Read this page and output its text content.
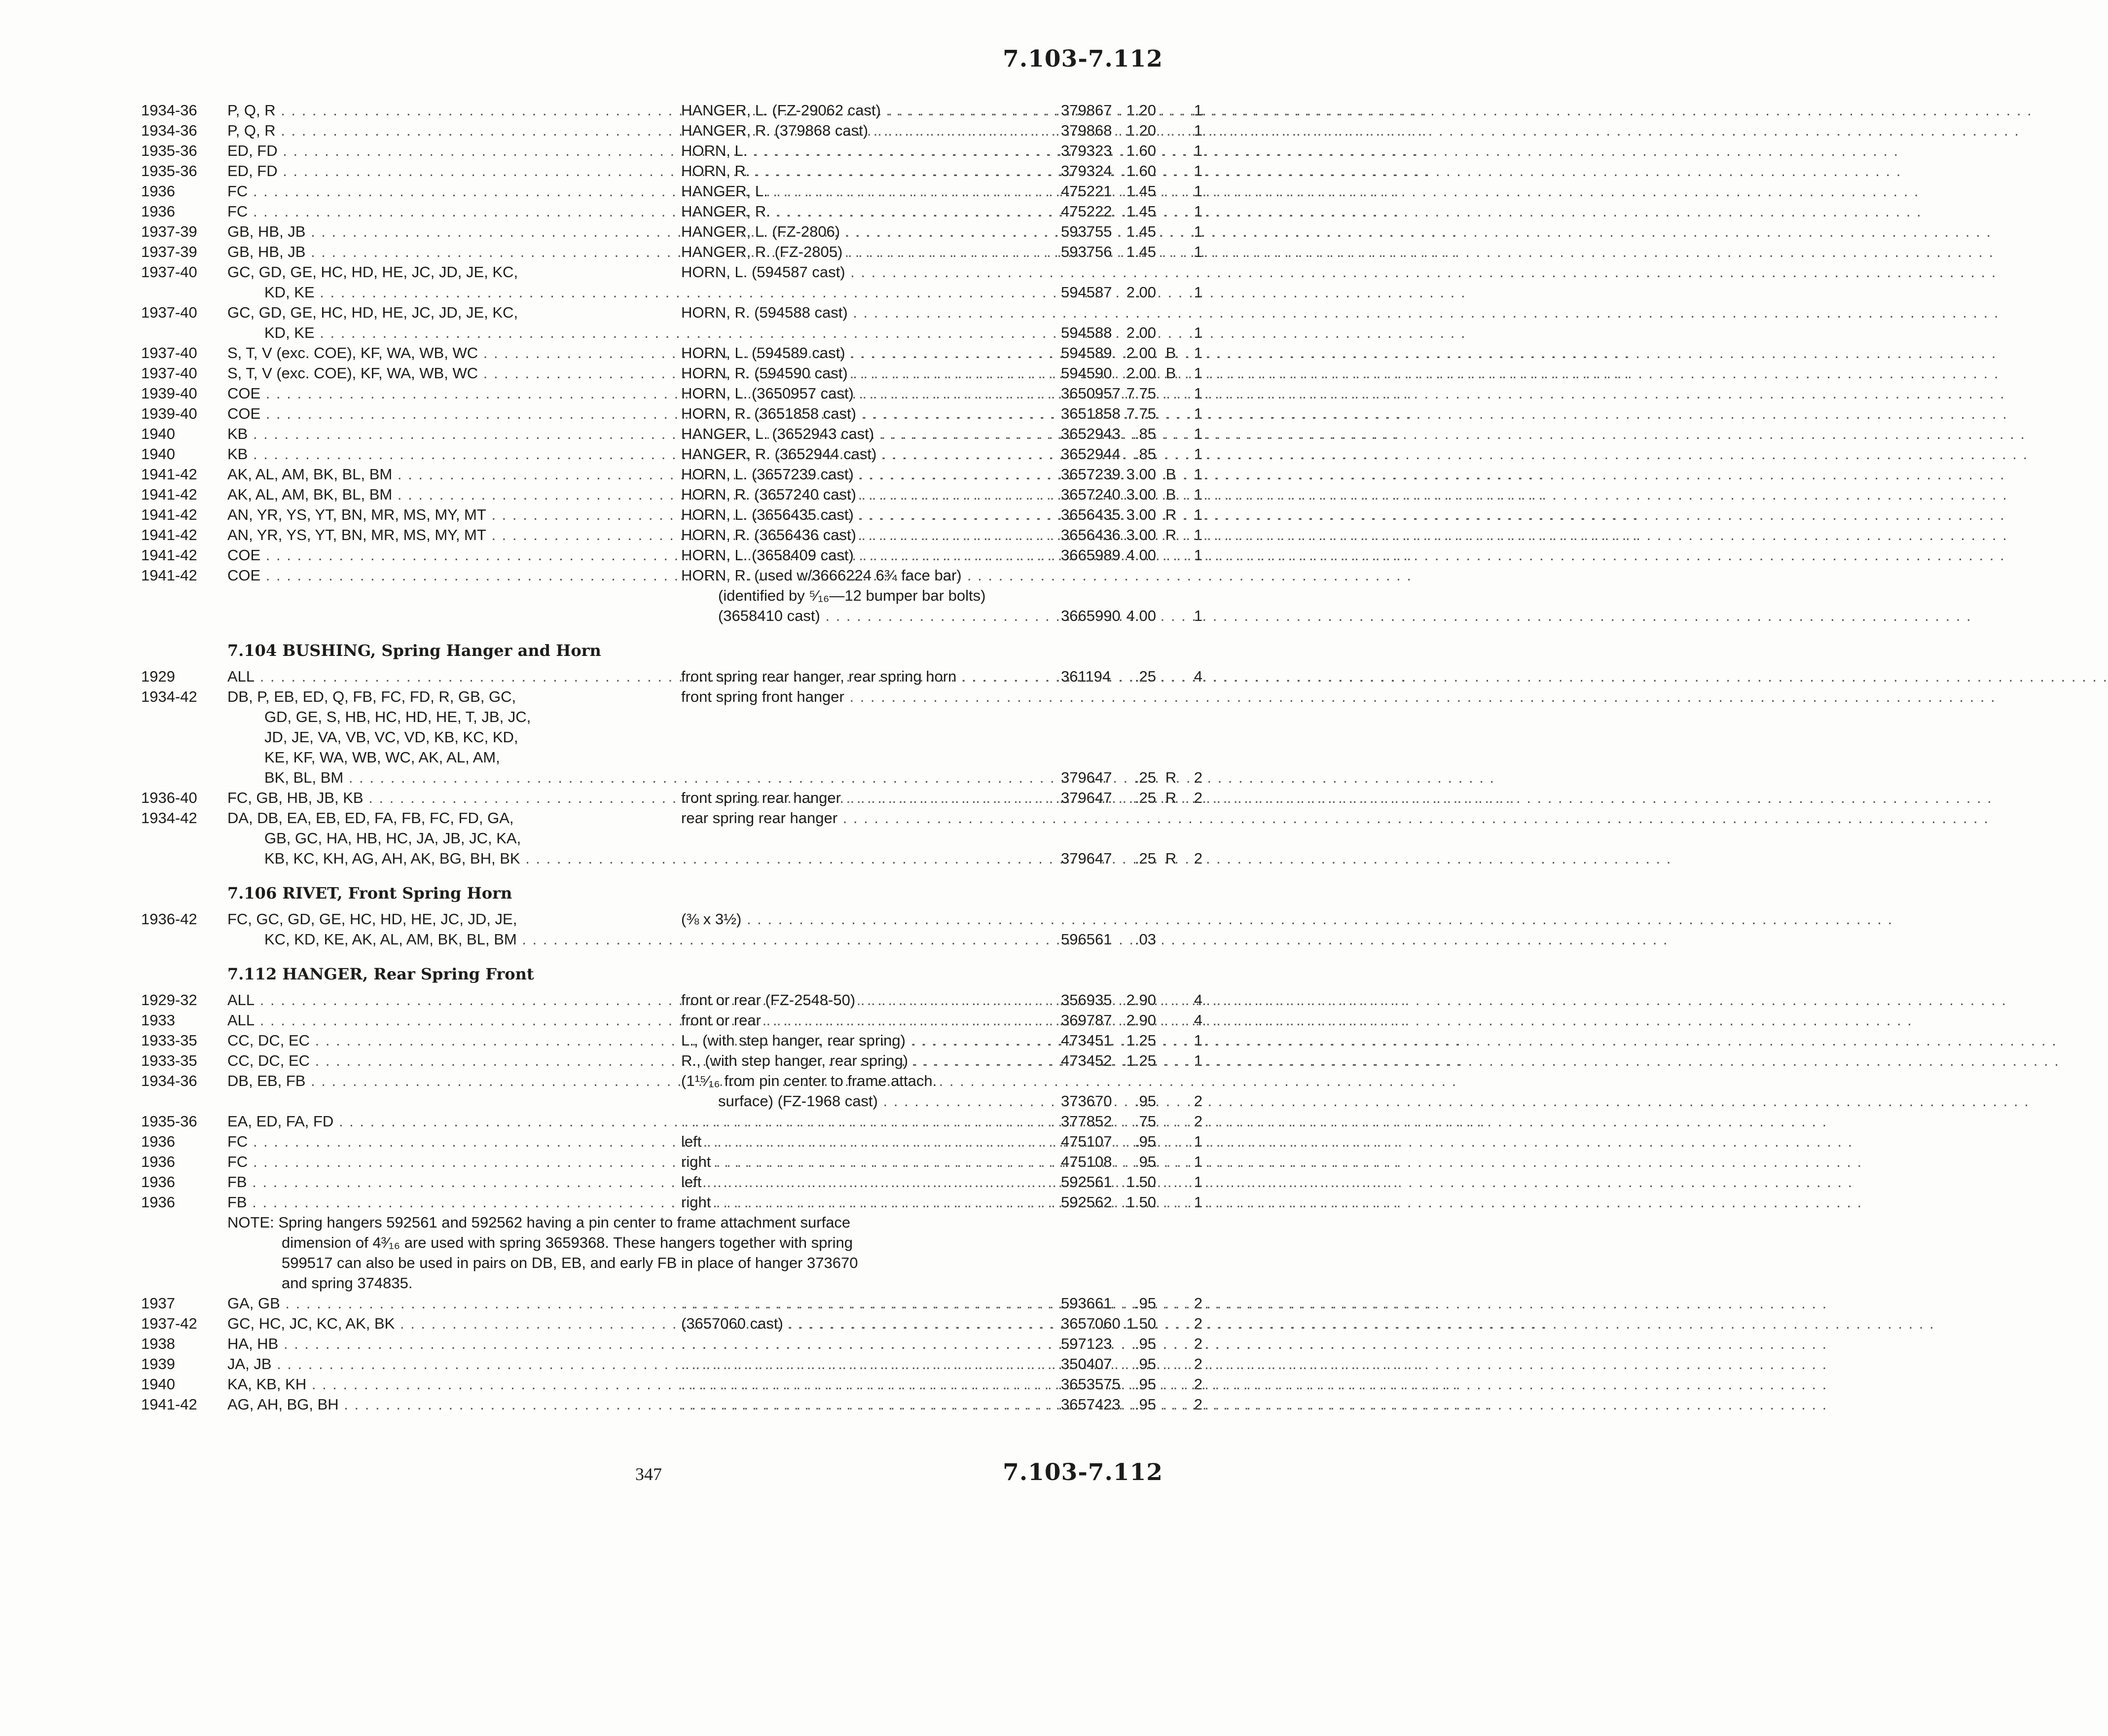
7.103-7.112
1934-36	P, Q, R . . .	HANGER, L. (FZ-29062 cast) . . .	379867 1.20	1
1934-36	P, Q, R . . .	HANGER, R. (379868 cast) . . .	379868 1.20	1
1935-36	ED, FD . . .	HORN, L. . . .	379323 1.60	1
1935-36	ED, FD . . .	HORN, R. . . .	379324 1.60	1
1936	FC . . .	HANGER, L. . . .	475221 1.45	1
1936	FC . . .	HANGER, R. . . .	475222 1.45	1
1937-39	GB, HB, JB . . .	HANGER, L. (FZ-2806) . . .	593755 1.45	1
1937-39	GB, HB, JB . . .	HANGER, R. (FZ-2805) . . .	593756 1.45	1
1937-40	GC, GD, GE, HC, HD, HE, JC, JD, JE, KC,	HORN, L. (594587 cast) . . .
KD, KE . . .	594587 2.00	1
1937-40	GC, GD, GE, HC, HD, HE, JC, JD, JE, KC,	HORN, R. (594588 cast) . . .
KD, KE . . .	594588 2.00	1
1937-40	S, T, V (exc. COE), KF, WA, WB, WC . . .	HORN, L. (594589 cast) . . .	594589 2.00 B	1
1937-40	S, T, V (exc. COE), KF, WA, WB, WC . . .	HORN, R. (594590 cast) . . .	594590 2.00 B	1
1939-40	COE . . .	HORN, L. (3650957 cast) . . .	3650957 7.75	1
1939-40	COE . . .	HORN, R. (3651858 cast) . . .	3651858 7.75	1
1940	KB . . .	HANGER, L. (3652943 cast) . . .	3652943 .85	1
1940	KB . . .	HANGER, R. (3652944 cast) . . .	3652944 .85	1
1941-42	AK, AL, AM, BK, BL, BM . . .	HORN, L. (3657239 cast) . . .	3657239 3.00 B	1
1941-42	AK, AL, AM, BK, BL, BM . . .	HORN, R. (3657240 cast) . . .	3657240 3.00 B	1
1941-42	AN, YR, YS, YT, BN, MR, MS, MY, MT . . .	HORN, L. (3656435 cast) . . .	3656435 3.00 R	1
1941-42	AN, YR, YS, YT, BN, MR, MS, MY, MT . . .	HORN, R. (3656436 cast) . . .	3656436 3.00 R	1
1941-42	COE . . .	HORN, L. (3658409 cast) . . .	3665989 4.00	1
1941-42	COE . . .	HORN, R. (used w/3666224 6¾ face bar)
(identified by ⁵⁄₁₆—12 bumper bar bolts)
(3658410 cast) . . .	3665990 4.00	1
7.104 BUSHING, Spring Hanger and Horn
1929	ALL . . .	front spring rear hanger, rear spring horn . . .	361194	.25	4
1934-42	DB, P, EB, ED, Q, FB, FC, FD, R, GB, GC,	front spring front hanger . . .
GD, GE, S, HB, HC, HD, HE, T, JB, JC,
JD, JE, VA, VB, VC, VD, KB, KC, KD,
KE, KF, WA, WB, WC, AK, AL, AM,
BK, BL, BM . . .	379647	.25 R	2
1936-40	FC, GB, HB, JB, KB . . .	front spring rear hanger . . .	379647	.25 R	2
1934-42	DA, DB, EA, EB, ED, FA, FB, FC, FD, GA,	rear spring rear hanger . . .
GB, GC, HA, HB, HC, JA, JB, JC, KA,
KB, KC, KH, AG, AH, AK, BG, BH, BK . . .	379647	.25 R	2
7.106 RIVET, Front Spring Horn
1936-42	FC, GC, GD, GE, HC, HD, HE, JC, JD, JE,	(⅜ x 3½) . . .
KC, KD, KE, AK, AL, AM, BK, BL, BM . . .	596561	.03
7.112 HANGER, Rear Spring Front
1929-32	ALL . . .	front or rear (FZ-2548-50) . . .	356935 2.90	4
1933	ALL . . .	front or rear . . .	369787 2.90	4
1933-35	CC, DC, EC . . .	L., (with step hanger, rear spring) . . .	473451 1.25	1
1933-35	CC, DC, EC . . .	R., (with step hanger, rear spring) . . .	473452 1.25	1
1934-36	DB, EB, FB . . .	(1¹⁵⁄₁₆ from pin center to frame attach.
surface) (FZ-1968 cast) . . .	373670	.95	2
1935-36	EA, ED, FA, FD . . . . . .	377852	.75	2
1936	FC . . .	left . . .	475107	.95	1
1936	FC . . .	right . . .	475108	.95	1
1936	FB . . .	left . . .	592561 1.50	1
1936	FB . . .	right . . .	592562 1.50	1
NOTE: Spring hangers 592561 and 592562 having a pin center to frame attachment surface
dimension of 4³⁄₁₆ are used with spring 3659368. These hangers together with spring
599517 can also be used in pairs on DB, EB, and early FB in place of hanger 373670
and spring 374835.
1937	GA, GB . . . . . .	593661	.95	2
1937-42	GC, HC, JC, KC, AK, BK . . .	(3657060 cast) . . .	3657060 1.50	2
1938	HA, HB . . . . . .	597123	.95	2
1939	JA, JB . . . . . .	350407	.95	2
1940	KA, KB, KH . . . . . .	3653575 .95	2
1941-42	AG, AH, BG, BH . . . . . .	3657423 .95	2
347	7.103-7.112
